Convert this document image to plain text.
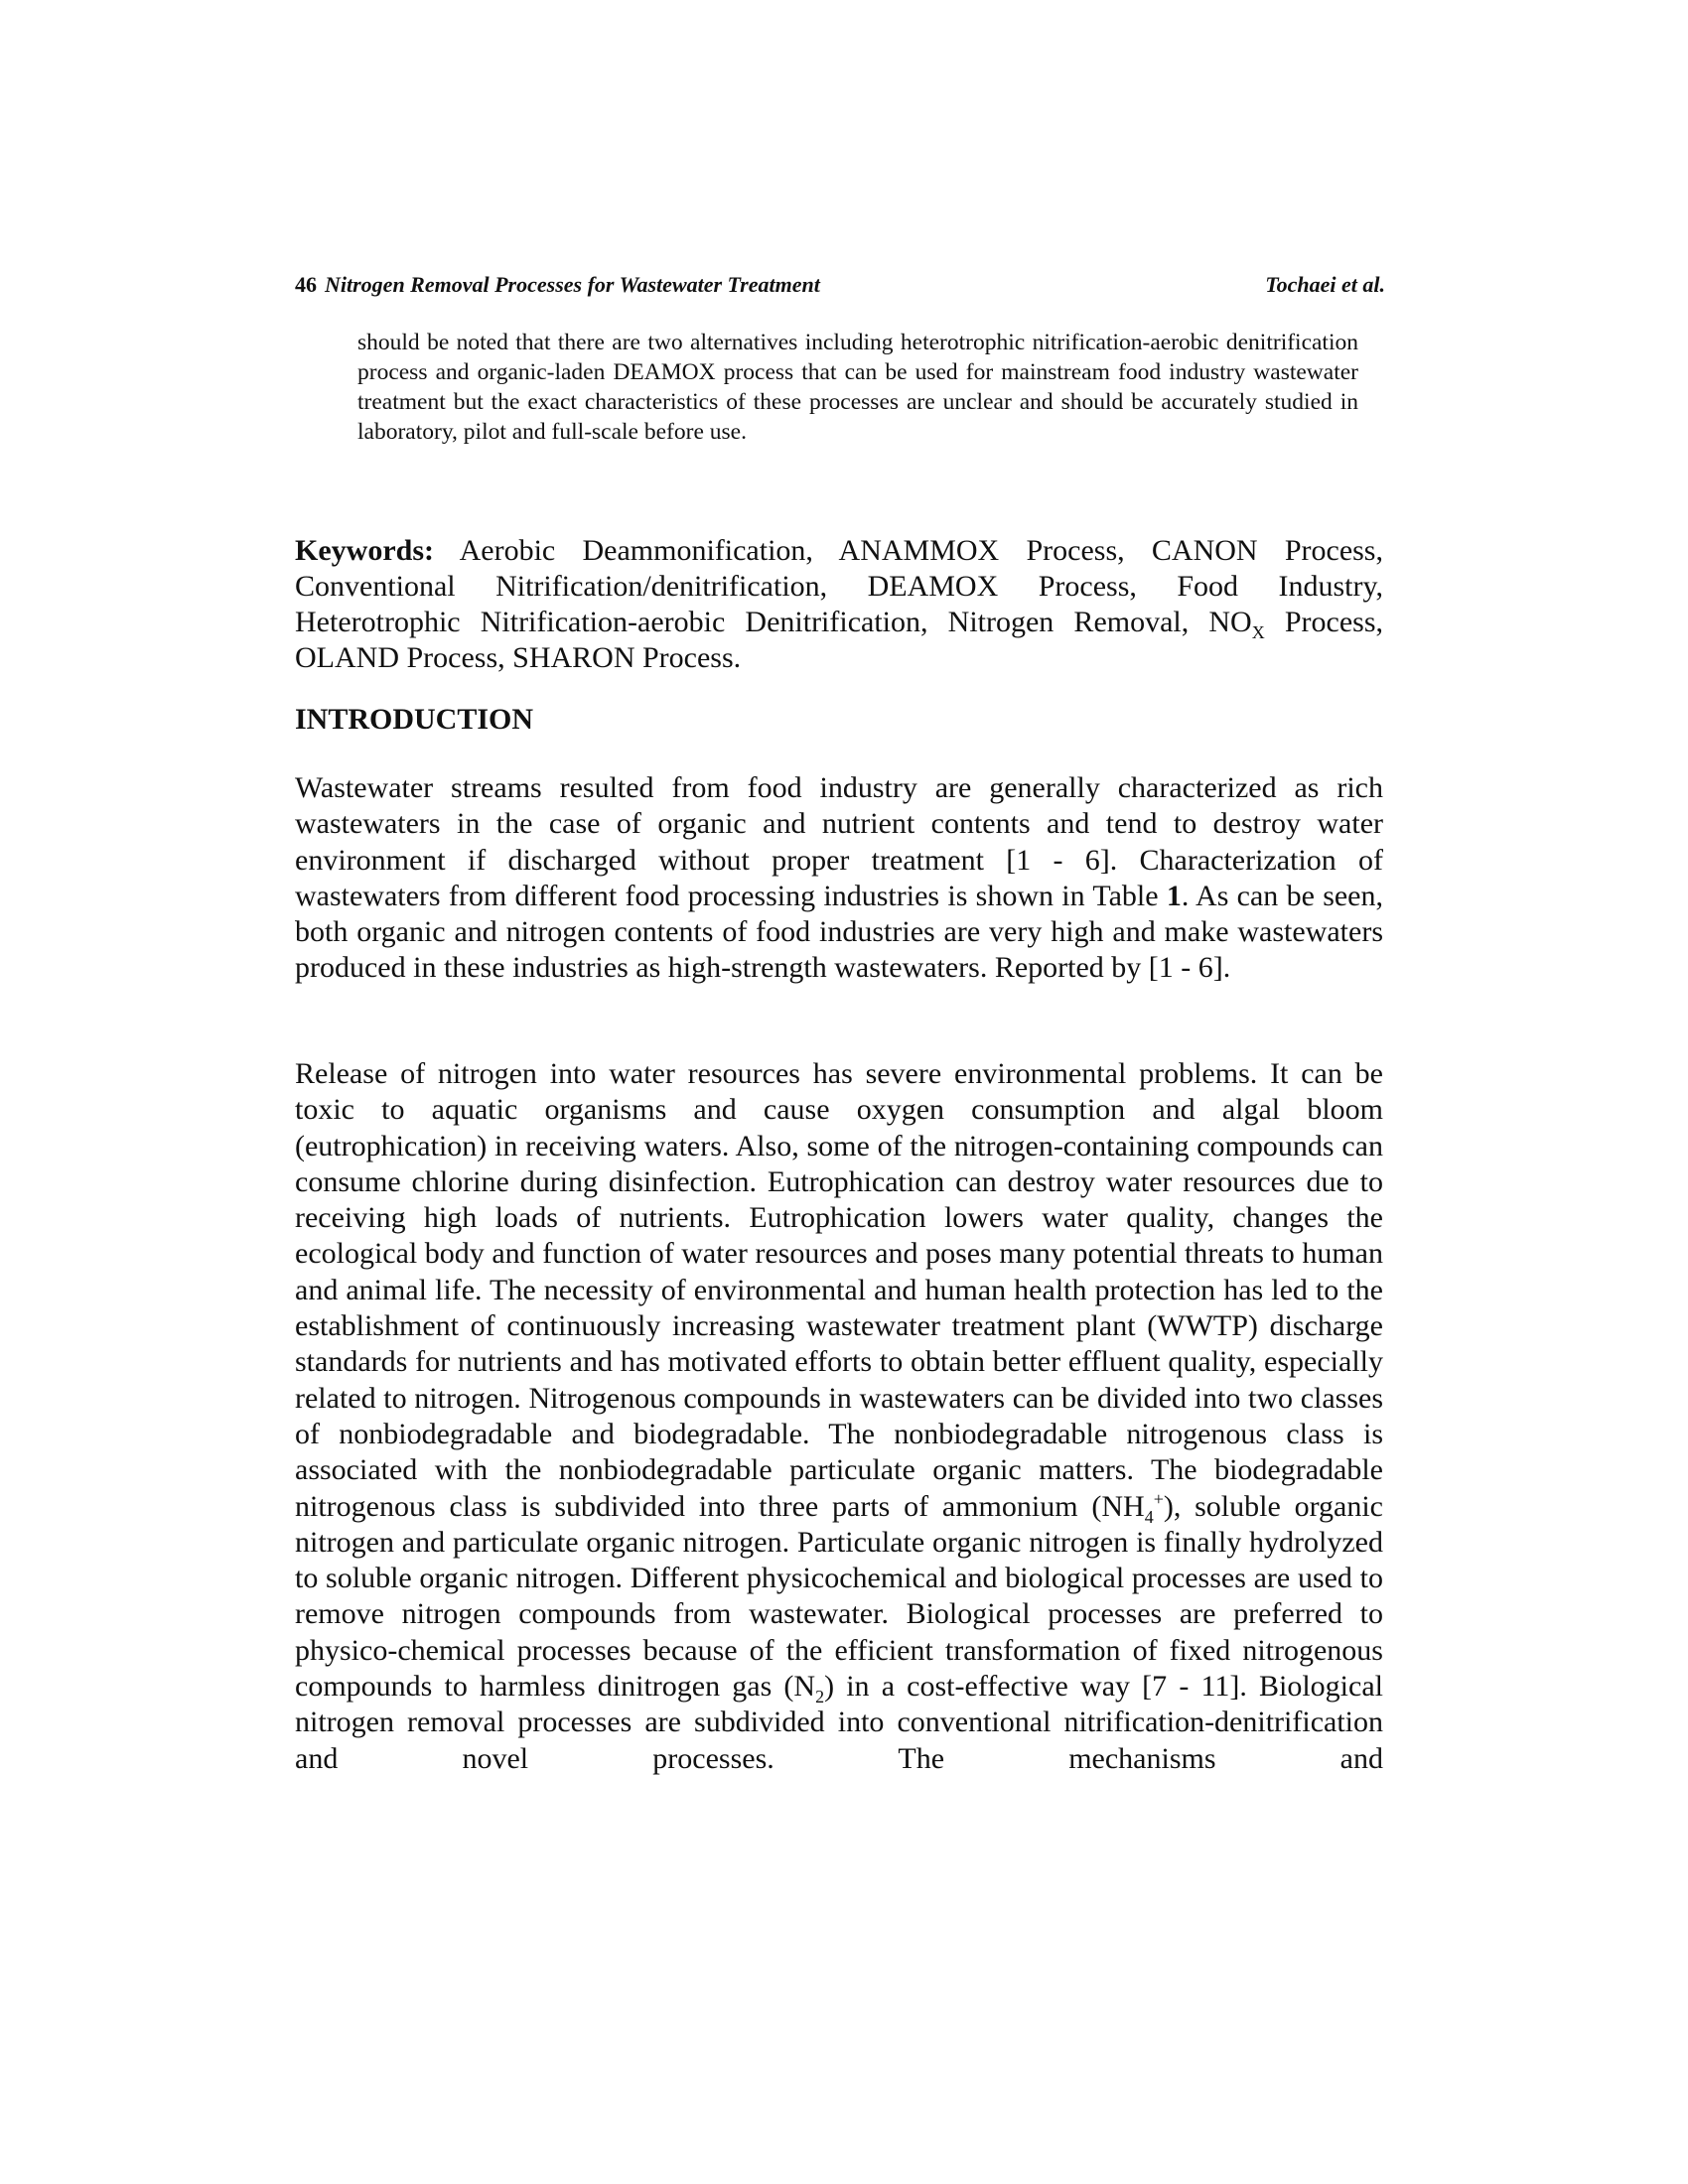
46 Nitrogen Removal Processes for Wastewater Treatment	Tochaei et al.
should be noted that there are two alternatives including heterotrophic nitrification-aerobic denitrification process and organic-laden DEAMOX process that can be used for mainstream food industry wastewater treatment but the exact characteristics of these processes are unclear and should be accurately studied in laboratory, pilot and full-scale before use.
Keywords: Aerobic Deammonification, ANAMMOX Process, CANON Process, Conventional Nitrification/denitrification, DEAMOX Process, Food Industry, Heterotrophic Nitrification-aerobic Denitrification, Nitrogen Removal, $NO_X$ Process, OLAND Process, SHARON Process.
INTRODUCTION
Wastewater streams resulted from food industry are generally characterized as rich wastewaters in the case of organic and nutrient contents and tend to destroy water environment if discharged without proper treatment [1 - 6]. Characterization of wastewaters from different food processing industries is shown in Table 1. As can be seen, both organic and nitrogen contents of food industries are very high and make wastewaters produced in these industries as high-strength wastewaters. Reported by [1 - 6].
Release of nitrogen into water resources has severe environmental problems. It can be toxic to aquatic organisms and cause oxygen consumption and algal bloom (eutrophication) in receiving waters. Also, some of the nitrogen-containing compounds can consume chlorine during disinfection. Eutrophication can destroy water resources due to receiving high loads of nutrients. Eutrophication lowers water quality, changes the ecological body and function of water resources and poses many potential threats to human and animal life. The necessity of environmental and human health protection has led to the establishment of continuously increasing wastewater treatment plant (WWTP) discharge standards for nutrients and has motivated efforts to obtain better effluent quality, especially related to nitrogen. Nitrogenous compounds in wastewaters can be divided into two classes of nonbiodegradable and biodegradable. The nonbiodegradable nitrogenous class is associated with the nonbiodegradable particulate organic matters. The biodegradable nitrogenous class is subdivided into three parts of ammonium $(NH_4^+)$, soluble organic nitrogen and particulate organic nitrogen. Particulate organic nitrogen is finally hydrolyzed to soluble organic nitrogen. Different physicochemical and biological processes are used to remove nitrogen compounds from wastewater. Biological processes are preferred to physico-chemical processes because of the efficient transformation of fixed nitrogenous compounds to harmless dinitrogen gas $(N_2)$ in a cost-effective way [7 - 11]. Biological nitrogen removal processes are subdivided into conventional nitrification-denitrification and novel processes. The mechanisms and
